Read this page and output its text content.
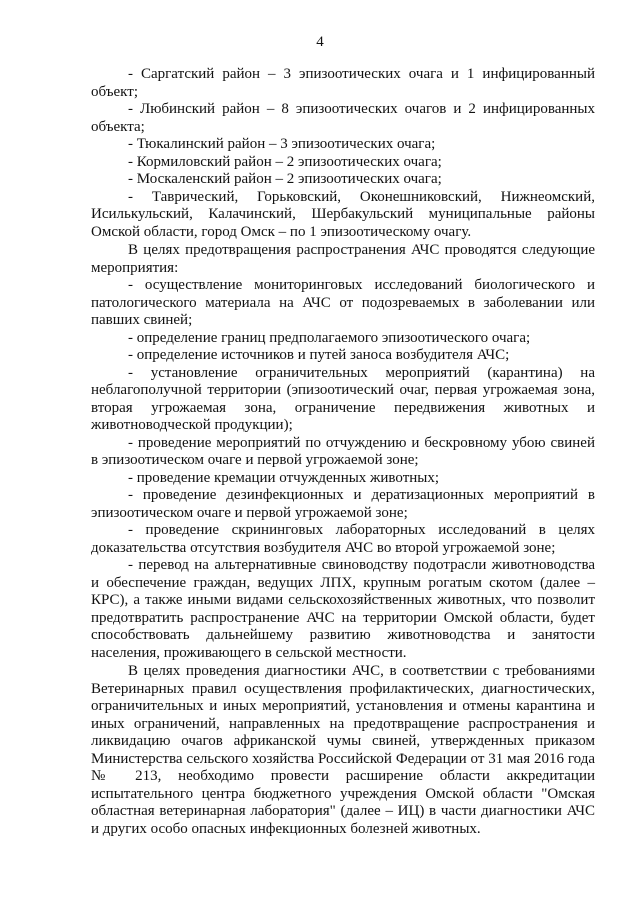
4

- Саргатский район – 3 эпизоотических очага и 1 инфицированный объект;

- Любинский район – 8 эпизоотических очагов и 2 инфицированных объекта;

- Тюкалинский район – 3 эпизоотических очага;

- Кормиловский район – 2 эпизоотических очага;

- Москаленский район – 2 эпизоотических очага;

- Таврический, Горьковский, Оконешниковский, Нижнеомский, Исилькульский, Калачинский, Шербакульский муниципальные районы Омской области, город Омск – по 1 эпизоотическому очагу.

В целях предотвращения распространения АЧС проводятся следующие мероприятия:

- осуществление мониторинговых исследований биологического и патологического материала на АЧС от подозреваемых в заболевании или павших свиней;

- определение границ предполагаемого эпизоотического очага;

- определение источников и путей заноса возбудителя АЧС;

- установление ограничительных мероприятий (карантина) на неблагополучной территории (эпизоотический очаг, первая угрожаемая зона, вторая угрожаемая зона, ограничение передвижения животных и животноводческой продукции);

- проведение мероприятий по отчуждению и бескровному убою свиней в эпизоотическом очаге и первой угрожаемой зоне;

- проведение кремации отчужденных животных;

- проведение дезинфекционных и дератизационных мероприятий в эпизоотическом очаге и первой угрожаемой зоне;

- проведение скрининговых лабораторных исследований в целях доказательства отсутствия возбудителя АЧС во второй угрожаемой зоне;

- перевод на альтернативные свиноводству подотрасли животноводства и обеспечение граждан, ведущих ЛПХ, крупным рогатым скотом (далее – КРС), а также иными видами сельскохозяйственных животных, что позволит предотвратить распространение АЧС на территории Омской области, будет способствовать дальнейшему развитию животноводства и занятости населения, проживающего в сельской местности.

В целях проведения диагностики АЧС, в соответствии с требованиями Ветеринарных правил осуществления профилактических, диагностических, ограничительных и иных мероприятий, установления и отмены карантина и иных ограничений, направленных на предотвращение распространения и ликвидацию очагов африканской чумы свиней, утвержденных приказом Министерства сельского хозяйства Российской Федерации от 31 мая 2016 года № 213, необходимо провести расширение области аккредитации испытательного центра бюджетного учреждения Омской области "Омская областная ветеринарная лаборатория" (далее – ИЦ) в части диагностики АЧС и других особо опасных инфекционных болезней животных.
